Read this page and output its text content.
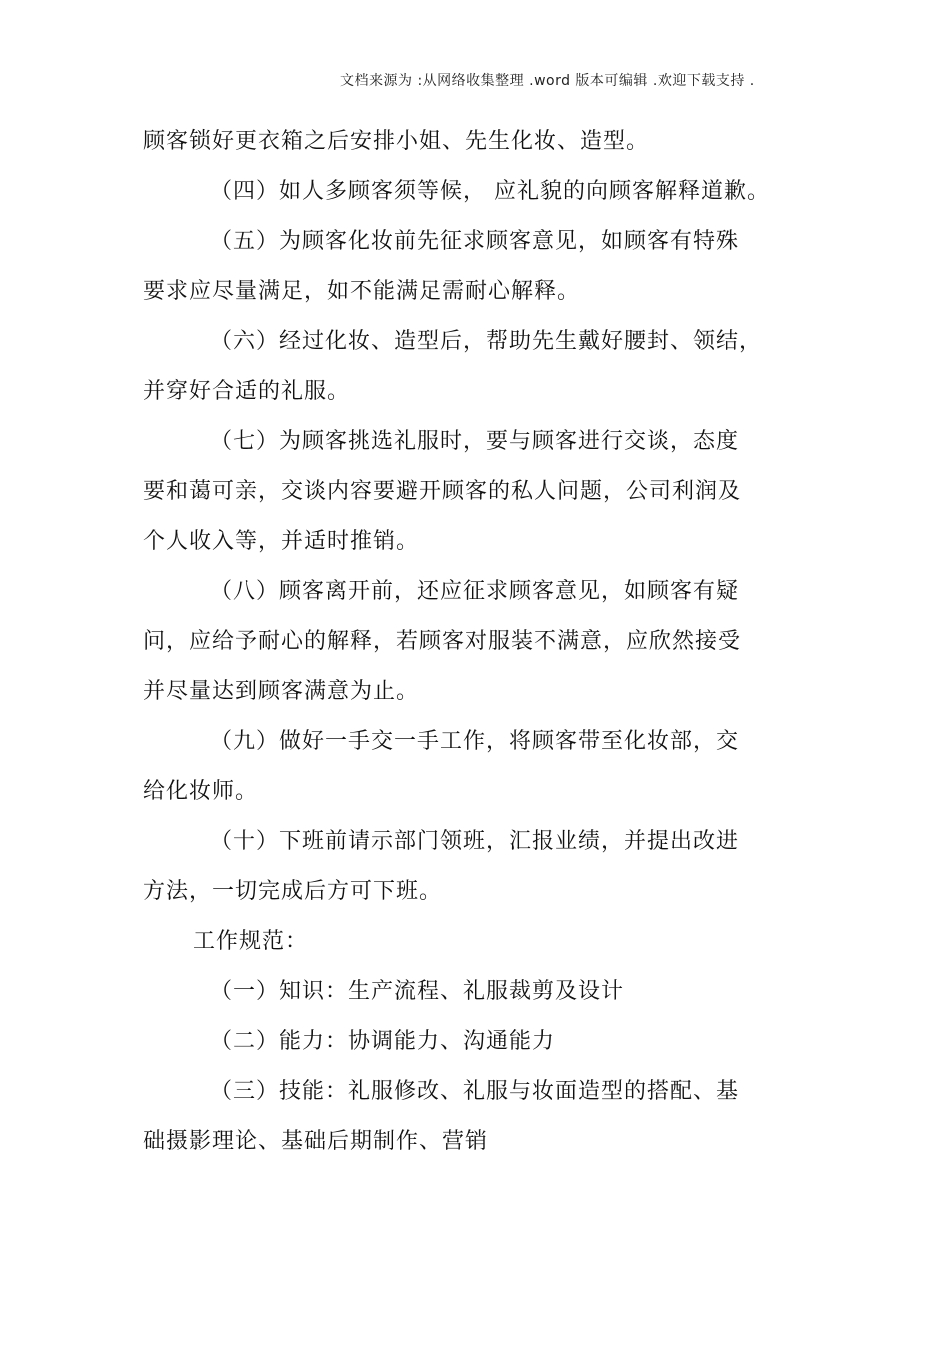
文档来源为 :从网络收集整理 .word 版本可编辑 .欢迎下载支持 .
顾客锁好更衣箱之后安排小姐、先生化妆、造型。
（四）如人多顾客须等候， 应礼貌的向顾客解释道歉。
（五）为顾客化妆前先征求顾客意见，如顾客有特殊
要求应尽量满足，如不能满足需耐心解释。
（六）经过化妆、造型后，帮助先生戴好腰封、领结，
并穿好合适的礼服。
（七）为顾客挑选礼服时，要与顾客进行交谈，态度
要和蔼可亲，交谈内容要避开顾客的私人问题，公司利润及
个人收入等，并适时推销。
（八）顾客离开前，还应征求顾客意见，如顾客有疑
问，应给予耐心的解释，若顾客对服装不满意，应欣然接受
并尽量达到顾客满意为止。
（九）做好一手交一手工作，将顾客带至化妆部，交
给化妆师。
（十）下班前请示部门领班，汇报业绩，并提出改进
方法，一切完成后方可下班。
工作规范：
（一）知识：生产流程、礼服裁剪及设计
（二）能力：协调能力、沟通能力
（三）技能：礼服修改、礼服与妆面造型的搭配、基
础摄影理论、基础后期制作、营销
